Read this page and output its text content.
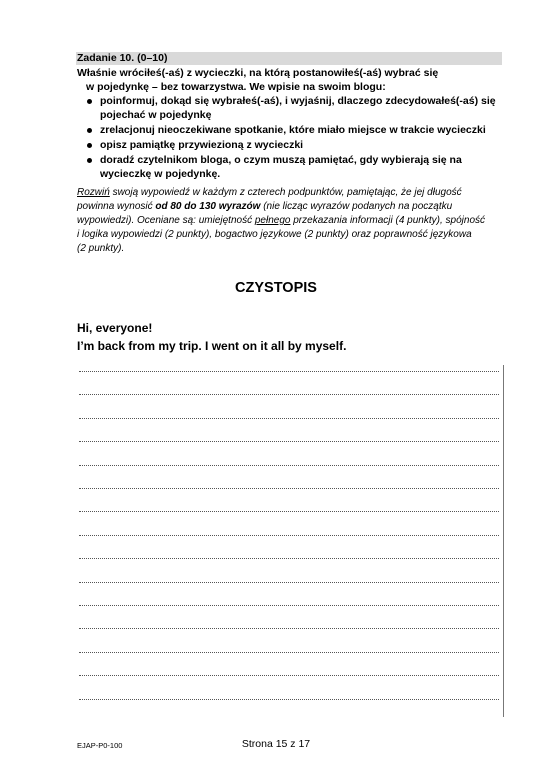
Zadanie 10. (0–10)
Właśnie wróciłeś(-aś) z wycieczki, na którą postanowiłeś(-aś) wybrać się
w pojedynkę – bez towarzystwa. We wpisie na swoim blogu:
poinformuj, dokąd się wybrałeś(-aś), i wyjaśnij, dlaczego zdecydowałeś(-aś) się
pojechać w pojedynkę
zrelacjonuj nieoczekiwane spotkanie, które miało miejsce w trakcie wycieczki
opisz pamiątkę przywiezioną z wycieczki
doradź czytelnikom bloga, o czym muszą pamiętać, gdy wybierają się na
wycieczkę w pojedynkę.
Rozwiń swoją wypowiedź w każdym z czterech podpunktów, pamiętając, że jej długość
powinna wynosić od 80 do 130 wyrazów (nie licząc wyrazów podanych na początku
wypowiedzi). Oceniane są: umiejętność pełnego przekazania informacji (4 punkty), spójność
i logika wypowiedzi (2 punkty), bogactwo językowe (2 punkty) oraz poprawność językowa
(2 punkty).
CZYSTOPIS
Hi, everyone!
I’m back from my trip. I went on it all by myself.
EJAP-P0-100	Strona 15 z 17
